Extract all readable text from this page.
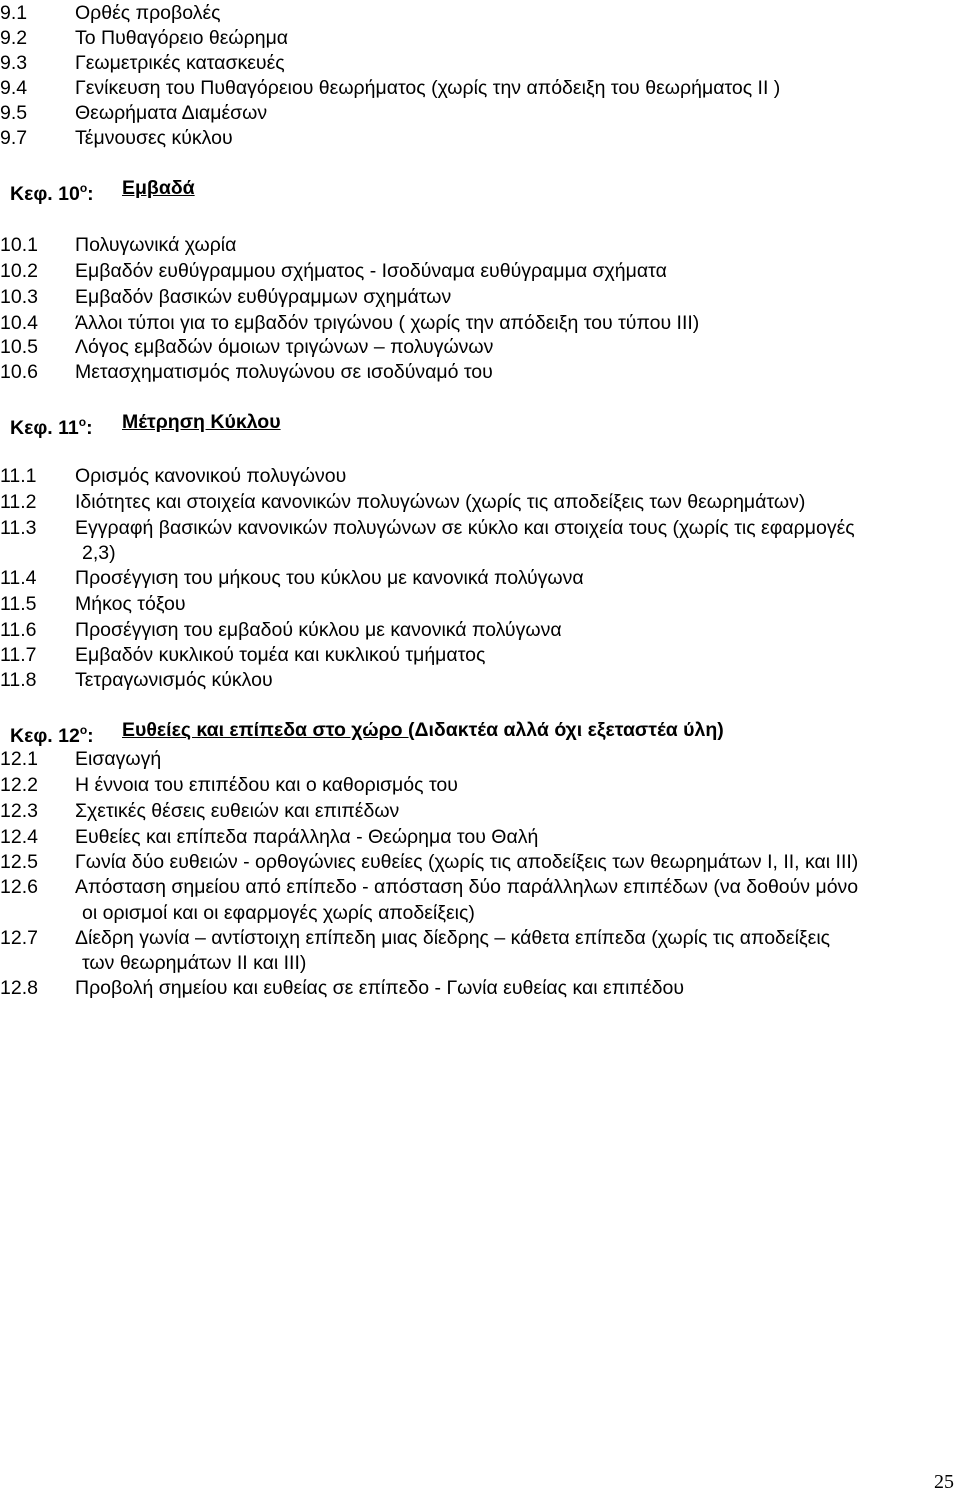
9.1 Ορθές προβολές
9.2 Το Πυθαγόρειο θεώρημα
9.3 Γεωμετρικές κατασκευές
9.4 Γενίκευση του Πυθαγόρειου θεωρήματος (χωρίς την απόδειξη του θεωρήματος ΙΙ )
9.5 Θεωρήματα Διαμέσων
9.7 Τέμνουσες κύκλου
Κεφ. $10^o$: Εμβαδά
10.1 Πολυγωνικά χωρία
10.2 Εμβαδόν ευθύγραμμου σχήματος - Ισοδύναμα ευθύγραμμα σχήματα
10.3 Εμβαδόν βασικών ευθύγραμμων σχημάτων
10.4 Άλλοι τύποι για το εμβαδόν τριγώνου ( χωρίς την απόδειξη του τύπου ΙΙΙ)
10.5 Λόγος εμβαδών όμοιων τριγώνων – πολυγώνων
10.6 Μετασχηματισμός πολυγώνου σε ισοδύναμό του
Κεφ. $11^o$: Μέτρηση Κύκλου
11.1 Ορισμός κανονικού πολυγώνου
11.2 Ιδιότητες και στοιχεία κανονικών πολυγώνων (χωρίς τις αποδείξεις των θεωρημάτων)
11.3 Εγγραφή βασικών κανονικών πολυγώνων σε κύκλο και στοιχεία τους (χωρίς τις εφαρμογές
2,3)
11.4 Προσέγγιση του μήκους του κύκλου με κανονικά πολύγωνα
11.5 Μήκος τόξου
11.6 Προσέγγιση του εμβαδού κύκλου με κανονικά πολύγωνα
11.7 Εμβαδόν κυκλικού τομέα και κυκλικού τμήματος
11.8 Τετραγωνισμός κύκλου
Κεφ. $12^o$: Ευθείες και επίπεδα στο χώρο (Διδακτέα αλλά όχι εξεταστέα ύλη)
12.1 Εισαγωγή
12.2 Η έννοια του επιπέδου και ο καθορισμός του
12.3 Σχετικές θέσεις ευθειών και επιπέδων
12.4 Ευθείες και επίπεδα παράλληλα - Θεώρημα του Θαλή
12.5 Γωνία δύο ευθειών - ορθογώνιες ευθείες (χωρίς τις αποδείξεις των θεωρημάτων Ι, ΙΙ, και ΙΙΙ)
12.6 Απόσταση σημείου από επίπεδο - απόσταση δύο παράλληλων επιπέδων (να δοθούν μόνο
οι ορισμοί και οι εφαρμογές χωρίς αποδείξεις)
12.7 Δίεδρη γωνία – αντίστοιχη επίπεδη μιας δίεδρης – κάθετα επίπεδα (χωρίς τις αποδείξεις
των θεωρημάτων ΙΙ και ΙΙΙ)
12.8 Προβολή σημείου και ευθείας σε επίπεδο - Γωνία ευθείας και επιπέδου
25
